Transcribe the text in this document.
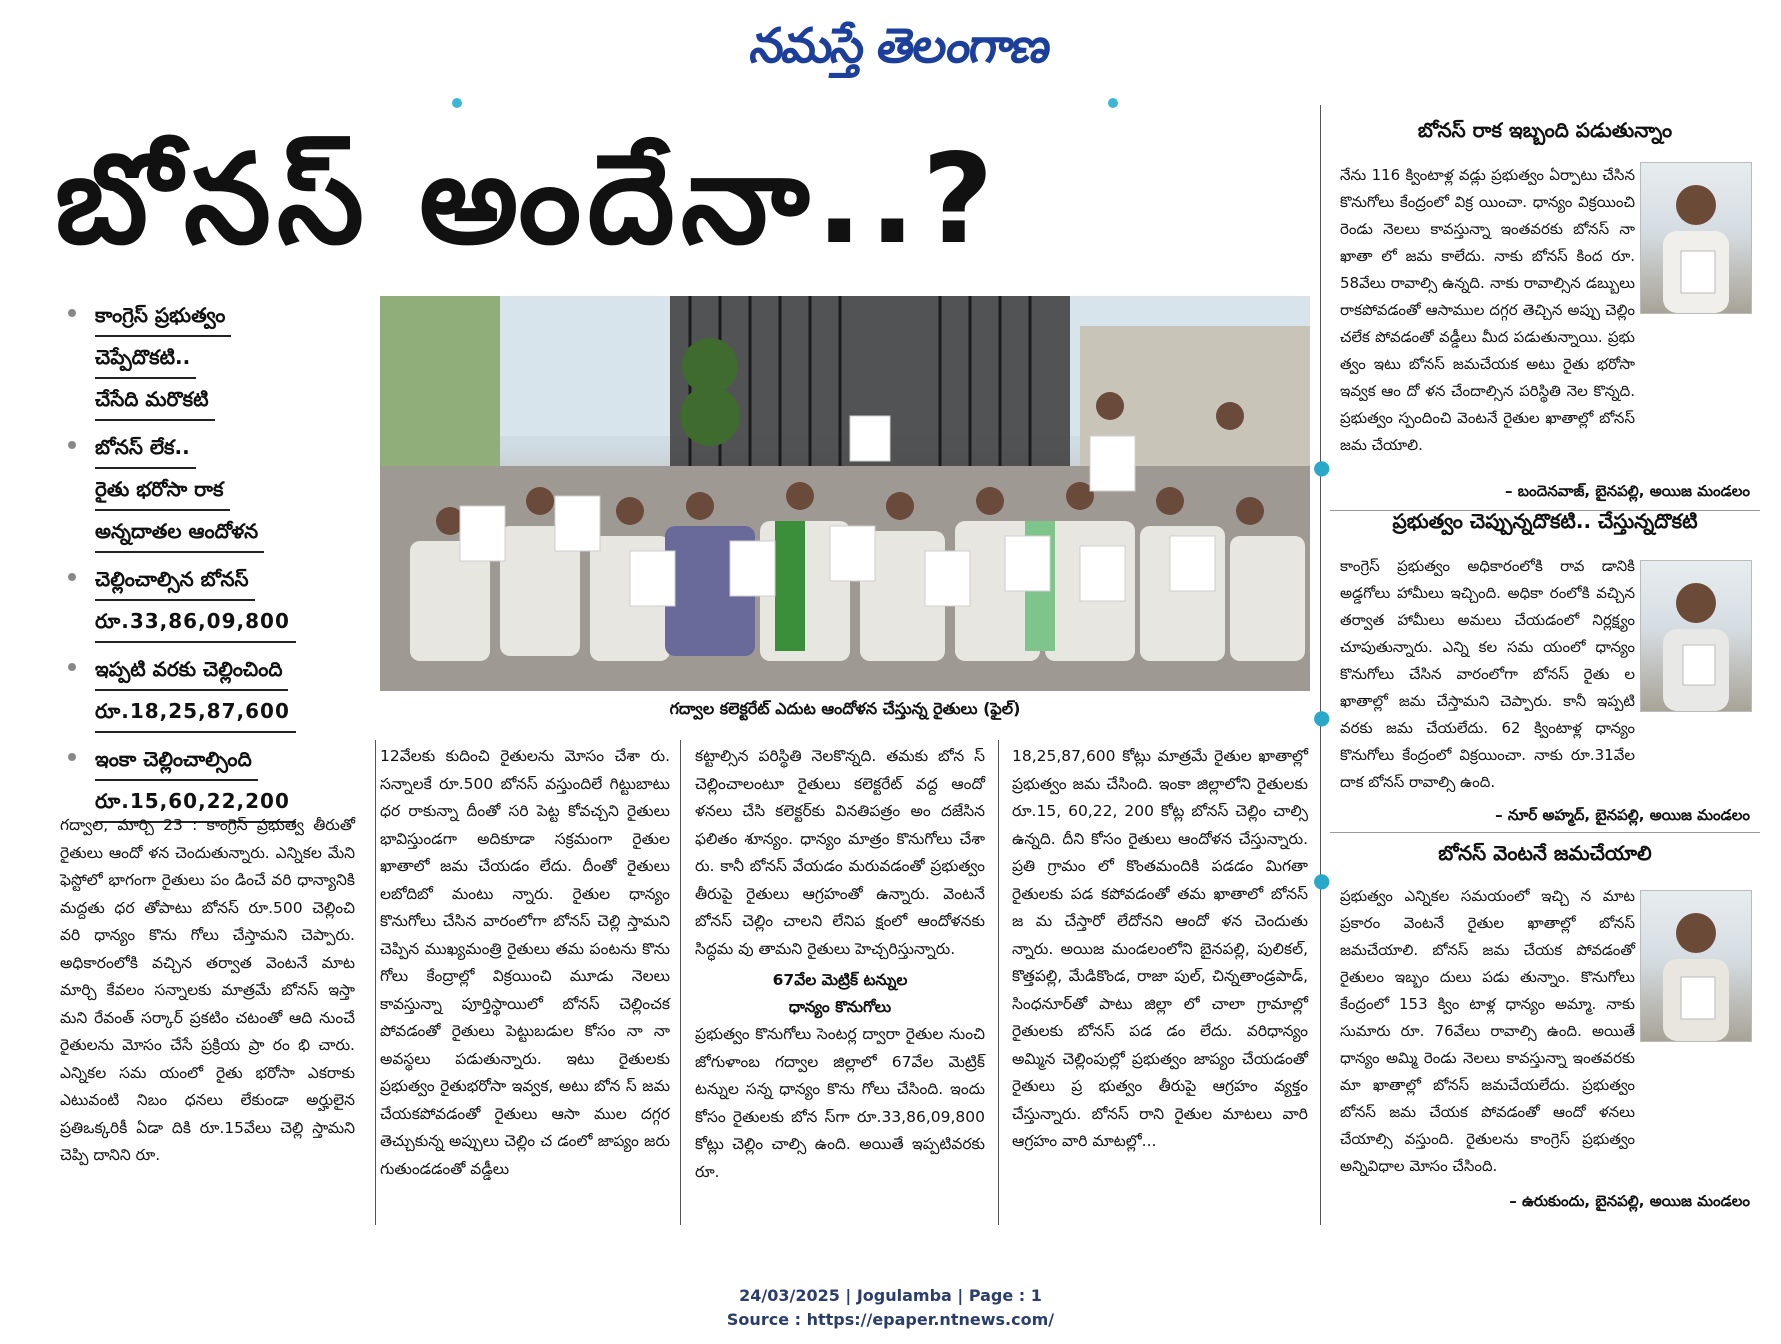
నమస్తే తెలంగాణ
బోనస్‌ అందేనా..?
కాంగ్రెస్‌ ప్రభుత్వం
చెప్పేదొకటి..
చేసేది మరొకటి
బోనస్‌ లేక..
రైతు భరోసా రాక
అన్నదాతల ఆందోళన
చెల్లించాల్సిన బోనస్‌
రూ.33,86,09,800
ఇప్పటి వరకు చెల్లించింది
రూ.18,25,87,600
ఇంకా చెల్లించాల్సింది
రూ.15,60,22,200
గద్వాల కలెక్టరేట్‌ ఎదుట ఆందోళన చేస్తున్న రైతులు (ఫైల్‌)

గద్వాల, మార్చి 23 : కాంగ్రెస్‌ ప్రభుత్వ తీరుతో రైతులు ఆందో ళన చెందుతున్నారు. ఎన్నికల మేని ఫెస్టోలో భాగంగా రైతులు పం డించే వరి ధాన్యానికి మద్దతు ధర తోపాటు బోనస్‌ రూ.500 చెల్లించి వరి ధాన్యం కొను గోలు చేస్తామని చెప్పారు. అధికారంలోకి వచ్చిన తర్వాత వెంటనే మాట మార్చి కేవలం సన్నాలకు మాత్రమే బోనస్‌ ఇస్తా మని రేవంత్‌ సర్కార్‌ ప్రకటిం చటంతో ఆది నుంచే రైతులను మోసం చేసే ప్రక్రియ ప్రా రం భి చారు. ఎన్నికల సమ యంలో రైతు భరోసా ఎకరాకు ఎటువంటి నిబం ధనలు లేకుండా అర్హులైన ప్రతిఒక్కరికీ ఏడా దికి రూ.15వేలు చెల్లి స్తామని చెప్పి దానిని రూ.

12వేలకు కుదించి రైతులను మోసం చేశా రు. సన్నాలకే రూ.500 బోనస్‌ వస్తుందిలే గిట్టుబాటు ధర రాకున్నా దీంతో సరి పెట్ట కోవచ్చని రైతులు భావిస్తుండగా అదికూడా సక్రమంగా రైతుల ఖాతాలో జమ చేయడం లేదు. దీంతో రైతులు లబోదిబో మంటు న్నారు. రైతుల ధాన్యం కొనుగోలు చేసిన వారంలోగా బోనస్‌ చెల్లి స్తామని చెప్పిన ముఖ్యమంత్రి రైతులు తమ పంటను కొను గోలు కేంద్రాల్లో విక్రయించి మూడు నెలలు కావస్తున్నా పూర్తిస్థాయిలో బోనస్‌ చెల్లించక పోవడంతో రైతులు పెట్టుబడుల కోసం నా నా అవస్థలు పడుతున్నారు. ఇటు రైతులకు ప్రభుత్వం రైతుభరోసా ఇవ్వక, అటు బోన స్‌ జమ చేయకపోవడంతో రైతులు ఆసా ముల దగ్గర తెచ్చుకున్న అప్పులు చెల్లిం చ డంలో జాప్యం జరు గుతుండడంతో వడ్డీలు

కట్టాల్సిన పరిస్థితి నెలకొన్నది. తమకు బోన స్‌ చెల్లించాలంటూ రైతులు కలెక్టరేట్‌ వద్ద ఆందో ళనలు చేసి కలెక్టర్‌కు వినతిపత్రం అం దజేసిన ఫలితం శూన్యం. ధాన్యం మాత్రం కొనుగోలు చేశా రు. కానీ బోనస్‌ వేయడం మరువడంతో ప్రభుత్వం తీరుపై రైతులు ఆగ్రహంతో ఉన్నారు. వెంటనే బోనస్‌ చెల్లిం చాలని లేనిప క్షంలో ఆందోళనకు సిద్ధమ వు తామని రైతులు హెచ్చరిస్తున్నారు.

67వేల మెట్రిక్‌ టన్నుల
ధాన్యం కొనుగోలు

ప్రభుత్వం కొనుగోలు సెంటర్ల ద్వారా రైతుల నుంచి జోగుళాంబ గద్వాల జిల్లాలో 67వేల మెట్రిక్‌ టన్నుల సన్న ధాన్యం కొను గోలు చేసింది. ఇందు కోసం రైతులకు బోన స్‌గా రూ.33,86,09,800 కోట్లు చెల్లిం చాల్సి ఉంది. అయితే ఇప్పటివరకు రూ.

18,25,87,600 కోట్లు మాత్రమే రైతుల ఖాతాల్లో ప్రభుత్వం జమ చేసింది. ఇంకా జిల్లాలోని రైతులకు రూ.15, 60,22, 200 కోట్ల బోనస్‌ చెల్లిం చాల్సి ఉన్నది. దీని కోసం రైతులు ఆందోళన చేస్తున్నారు. ప్రతి గ్రామం లో కొంతమందికి పడడం మిగతా రైతులకు పడ కపోవడంతో తమ ఖాతాలో బోనస్‌ జ మ చేస్తారో లేదోనని ఆందో ళన చెందుతు న్నారు. అయిజ మండలంలోని బైనపల్లి, పులికల్‌, కొత్తపల్లి, మేడికొండ, రాజా పుల్‌, చిన్నతాండ్రపాడ్‌, సింధనూర్‌తో పాటు జిల్లా లో చాలా గ్రామాల్లో రైతులకు బోనస్‌ పడ డం లేదు. వరిధాన్యం అమ్మిన చెల్లింపుల్లో ప్రభుత్వం జాప్యం చేయడంతో రైతులు ప్ర భుత్వం తీరుపై ఆగ్రహం వ్యక్తం చేస్తున్నారు. బోనస్‌ రాని రైతుల మాటలు వారి ఆగ్రహం వారి మాటల్లో...

బోనస్‌ రాక ఇబ్బంది పడుతున్నాం
నేను 116 క్వింటాళ్ల వడ్లు ప్రభుత్వం ఏర్పాటు చేసిన కొనుగోలు కేంద్రంలో విక్ర యించా. ధాన్యం విక్రయించి రెండు నెలలు కావస్తున్నా ఇంతవరకు బోనస్‌ నా ఖాతా లో జమ కాలేదు. నాకు బోనస్‌ కింద రూ. 58వేలు రావాల్సి ఉన్నది. నాకు రావాల్సిన డబ్బులు రాకపోవడంతో ఆసాముల దగ్గర తెచ్చిన అప్పు చెల్లిం చలేక పోవడంతో వడ్డీలు మీద పడుతున్నాయి. ప్రభు త్వం ఇటు బోనస్‌ జమచేయక అటు రైతు భరోసా ఇవ్వక ఆం దో ళన చేందాల్సిన పరిస్థితి నెల కొన్నది. ప్రభుత్వం స్పందించి వెంటనే రైతుల ఖాతాల్లో బోనస్‌ జమ చేయాలి.
●
– బందెనవాజ్‌, బైనపల్లి, అయిజ మండలం
ప్రభుత్వం చెప్పున్నదొకటి.. చేస్తున్నదొకటి
కాంగ్రెస్‌ ప్రభుత్వం అధికారంలోకి రావ డానికి అడ్డగోలు హామీలు ఇచ్చింది. అధికా రంలోకి వచ్చిన తర్వాత హామీలు అమలు చేయడంలో నిర్లక్ష్యం చూపుతున్నారు. ఎన్ని కల సమ యంలో ధాన్యం కొనుగోలు చేసిన వారంలోగా బోనస్‌ రైతు ల ఖాతాల్లో జమ చేస్తామని చెప్పారు. కానీ ఇప్పటి వరకు జమ చేయలేదు. 62 క్వింటాళ్ల ధాన్యం కొనుగోలు కేంద్రంలో విక్రయించా. నాకు రూ.31వేల దాక బోనస్‌ రావాల్సి ఉంది.
●
– నూర్‌ అహ్మద్‌, బైనపల్లి, అయిజ మండలం
బోనస్‌ వెంటనే జమచేయాలి
ప్రభుత్వం ఎన్నికల సమయంలో ఇచ్చి న మాట ప్రకారం వెంటనే రైతుల ఖాతాల్లో బోనస్‌ జమచేయాలి. బోనస్‌ జమ చేయక పోవడంతో రైతులం ఇబ్బం దులు పడు తున్నాం. కొనుగోలు కేంద్రంలో 153 క్విం టాళ్ల ధాన్యం అమ్మా. నాకు సుమారు రూ. 76వేలు రావాల్సి ఉంది. అయితే ధాన్యం అమ్మి రెండు నెలలు కావస్తున్నా ఇంతవరకు మా ఖాతాల్లో బోనస్‌ జమచేయలేదు. ప్రభుత్వం బోనస్‌ జమ చేయక పోవడంతో ఆందో ళనలు చేయాల్సి వస్తుంది. రైతులను కాంగ్రెస్‌ ప్రభుత్వం అన్నివిధాల మోసం చేసింది.
●
– ఉరుకుందు, బైనపల్లి, అయిజ మండలం
24/03/2025 | Jogulamba | Page : 1
Source : https://epaper.ntnews.com/
